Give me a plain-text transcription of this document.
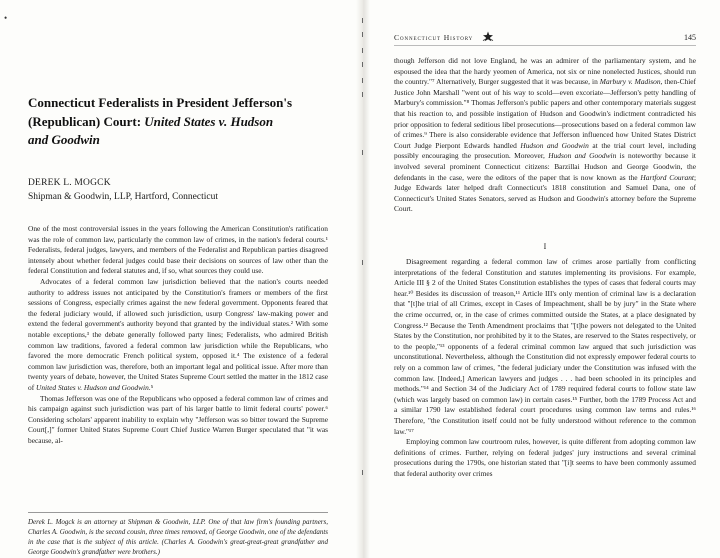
•
Connecticut Federalists in President Jefferson's
(Republican) Court: United States v. Hudson
and Goodwin
DEREK L. MOGCK
Shipman & Goodwin, LLP, Hartford, Connecticut

One of the most controversial issues in the years following the American Constitution's ratification was the role of common law, particularly the common law of crimes, in the nation's federal courts.¹ Federalists, federal judges, lawyers, and members of the Federalist and Republican parties disagreed intensely about whether federal judges could base their decisions on sources of law other than the federal Constitution and federal statutes and, if so, what sources they could use.

Advocates of a federal common law jurisdiction believed that the nation's courts needed authority to address issues not anticipated by the Constitution's framers or members of the first sessions of Congress, especially crimes against the new federal government. Opponents feared that the federal judiciary would, if allowed such jurisdiction, usurp Congress' law-making power and extend the federal government's authority beyond that granted by the individual states.² With some notable exceptions,³ the debate generally followed party lines; Federalists, who admired British common law traditions, favored a federal common law jurisdiction while the Republicans, who favored the more democratic French political system, opposed it.⁴ The existence of a federal common law jurisdiction was, therefore, both an important legal and political issue. After more than twenty years of debate, however, the United States Supreme Court settled the matter in the 1812 case of United States v. Hudson and Goodwin.⁵

Thomas Jefferson was one of the Republicans who opposed a federal common law of crimes and his campaign against such jurisdiction was part of his larger battle to limit federal courts' power.⁶ Considering scholars' apparent inability to explain why "Jefferson was so bitter toward the Supreme Court[,]" former United States Supreme Court Chief Justice Warren Burger speculated that "it was because, al-

Derek L. Mogck is an attorney at Shipman & Goodwin, LLP. One of that law firm's founding partners, Charles A. Goodwin, is the second cousin, three times removed, of George Goodwin, one of the defendants in the case that is the subject of this article. (Charles A. Goodwin's great-great-great grandfather and George Goodwin's grandfather were brothers.)
Connecticut History	145

though Jefferson did not love England, he was an admirer of the parliamentary system, and he espoused the idea that the hardy yeomen of America, not six or nine nonelected Justices, should run the country."⁷ Alternatively, Burger suggested that it was because, in Marbury v. Madison, then-Chief Justice John Marshall "went out of his way to scold—even excoriate—Jefferson's petty handling of Marbury's commission."⁸ Thomas Jefferson's public papers and other contemporary materials suggest that his reaction to, and possible instigation of Hudson and Goodwin's indictment contradicted his prior opposition to federal seditious libel prosecutions—prosecutions based on a federal common law of crimes.⁹ There is also considerable evidence that Jefferson influenced how United States District Court Judge Pierpont Edwards handled Hudson and Goodwin at the trial court level, including possibly encouraging the prosecution. Moreover, Hudson and Goodwin is noteworthy because it involved several prominent Connecticut citizens: Barzillai Hudson and George Goodwin, the defendants in the case, were the editors of the paper that is now known as the Hartford Courant; Judge Edwards later helped draft Connecticut's 1818 constitution and Samuel Dana, one of Connecticut's United States Senators, served as Hudson and Goodwin's attorney before the Supreme Court.

I

Disagreement regarding a federal common law of crimes arose partially from conflicting interpretations of the federal Constitution and statutes implementing its provisions. For example, Article III § 2 of the United States Constitution establishes the types of cases that federal courts may hear.¹⁰ Besides its discussion of treason,¹¹ Article III's only mention of criminal law is a declaration that "[t]he trial of all Crimes, except in Cases of Impeachment, shall be by jury" in the State where the crime occurred, or, in the case of crimes committed outside the States, at a place designated by Congress.¹² Because the Tenth Amendment proclaims that "[t]he powers not delegated to the United States by the Constitution, nor prohibited by it to the States, are reserved to the States respectively, or to the people,"¹³ opponents of a federal criminal common law argued that such jurisdiction was unconstitutional. Nevertheless, although the Constitution did not expressly empower federal courts to rely on a common law of crimes, "the federal judiciary under the Constitution was infused with the common law. [Indeed,] American lawyers and judges . . . had been schooled in its principles and methods."¹⁴ and Section 34 of the Judiciary Act of 1789 required federal courts to follow state law (which was largely based on common law) in certain cases.¹⁵ Further, both the 1789 Process Act and a similar 1790 law established federal court procedures using common law terms and rules.¹⁶ Therefore, "the Constitution itself could not be fully understood without reference to the common law."¹⁷

Employing common law courtroom rules, however, is quite different from adopting common law definitions of crimes. Further, relying on federal judges' jury instructions and several criminal prosecutions during the 1790s, one historian stated that "[i]t seems to have been commonly assumed that federal authority over crimes
